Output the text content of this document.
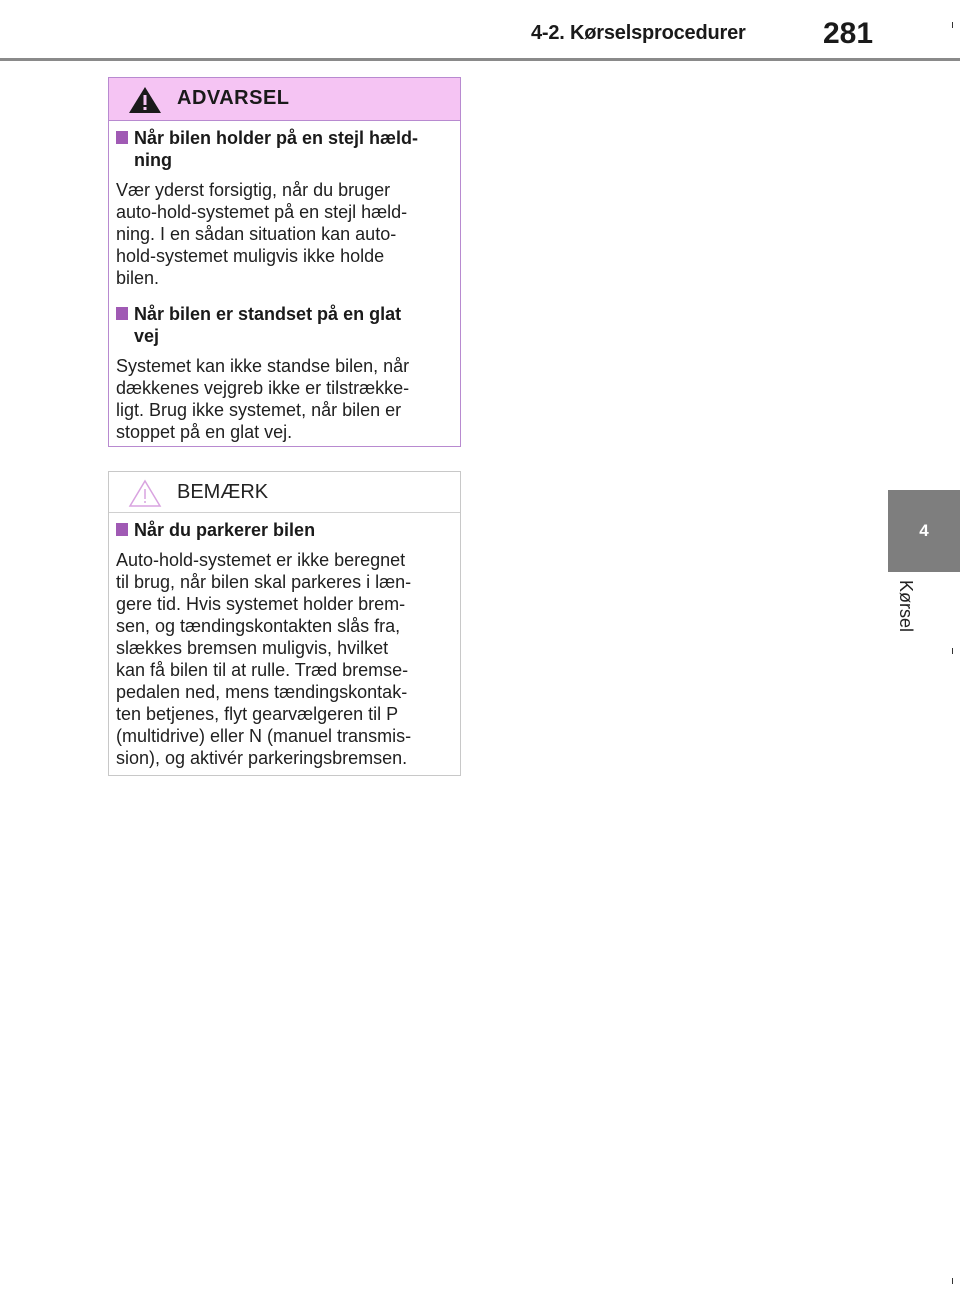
4-2. Kørselsprocedurer	281
4
Kørsel
ADVARSEL
Når bilen holder på en stejl hæld-
ning

Vær yderst forsigtig, når du bruger
auto-hold-systemet på en stejl hæld-
ning. I en sådan situation kan auto-
hold-systemet muligvis ikke holde
bilen.

Når bilen er standset på en glat
vej

Systemet kan ikke standse bilen, når
dækkenes vejgreb ikke er tilstrække-
ligt. Brug ikke systemet, når bilen er
stoppet på en glat vej.

BEMÆRK
Når du parkerer bilen

Auto-hold-systemet er ikke beregnet
til brug, når bilen skal parkeres i læn-
gere tid. Hvis systemet holder brem-
sen, og tændingskontakten slås fra,
slækkes bremsen muligvis, hvilket
kan få bilen til at rulle. Træd bremse-
pedalen ned, mens tændingskontak-
ten betjenes, flyt gearvælgeren til P
(multidrive) eller N (manuel transmis-
sion), og aktivér parkeringsbremsen.
